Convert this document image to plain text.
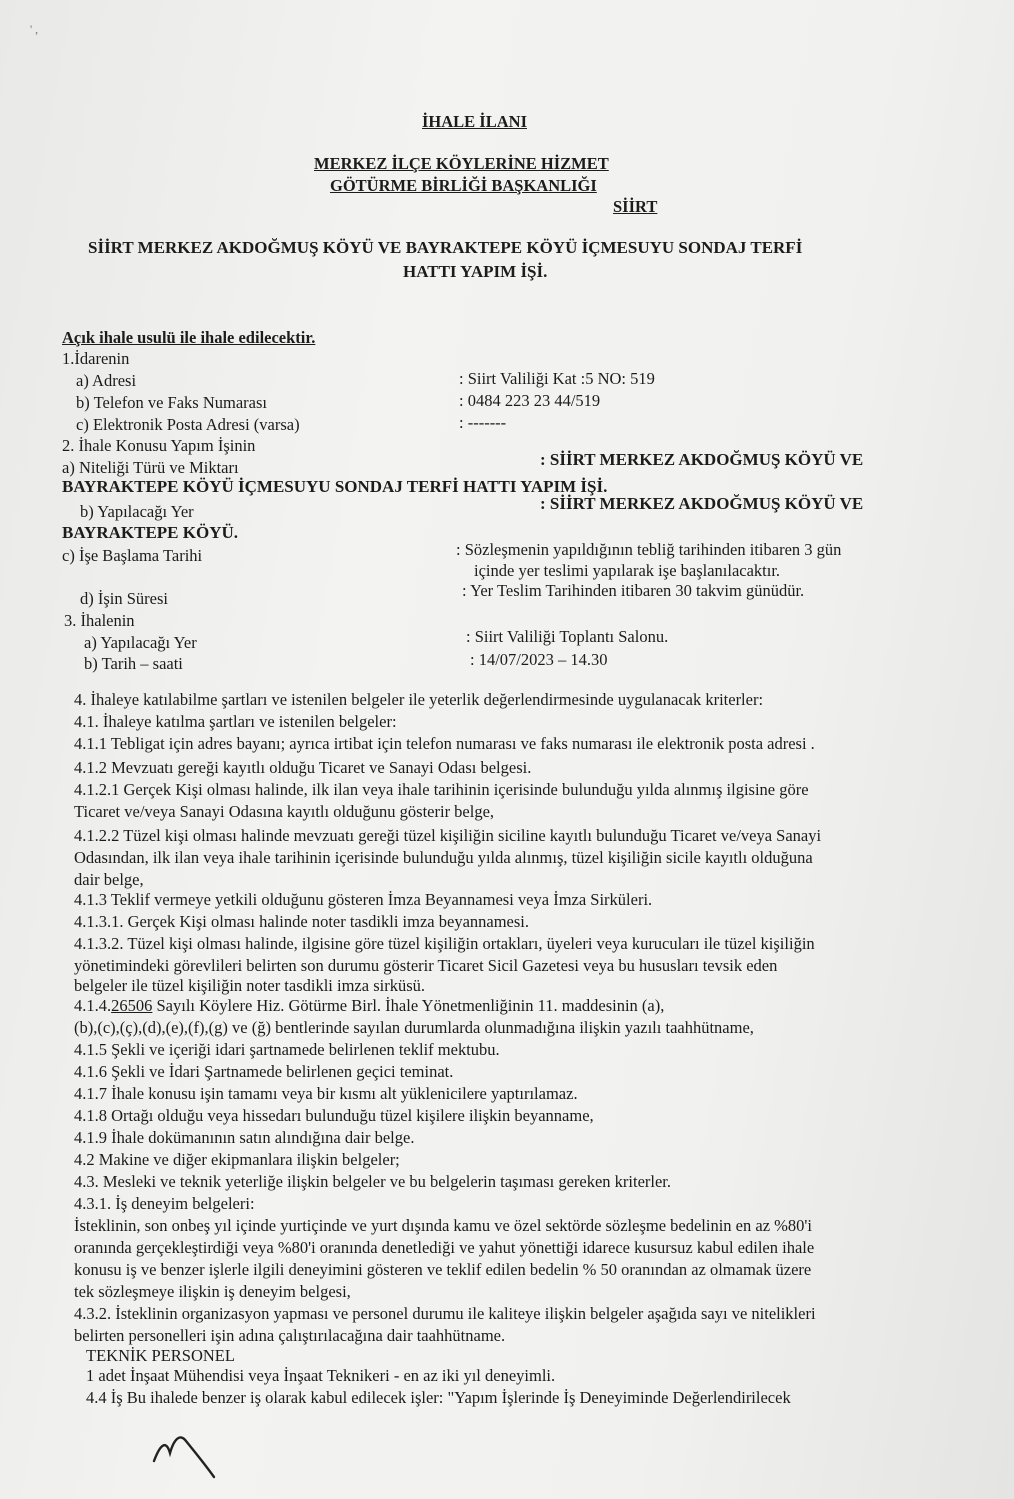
' ,
İHALE İLANI
MERKEZ İLÇE KÖYLERİNE HİZMET
GÖTÜRME BİRLİĞİ BAŞKANLIĞI
SİİRT
SİİRT MERKEZ AKDOĞMUŞ KÖYÜ VE BAYRAKTEPE KÖYÜ İÇMESUYU SONDAJ TERFİ
HATTI YAPIM İŞİ.
Açık ihale usulü ile ihale edilecektir.
1.İdarenin
a) Adresi	: Siirt Valiliği Kat :5 NO: 519
b) Telefon ve Faks Numarası	: 0484 223 23 44/519
c) Elektronik Posta Adresi (varsa)	: -------
2. İhale Konusu Yapım İşinin
a) Niteliği Türü ve Miktarı	: SİİRT MERKEZ AKDOĞMUŞ KÖYÜ VE
BAYRAKTEPE KÖYÜ İÇMESUYU SONDAJ TERFİ HATTI YAPIM İŞİ.
b) Yapılacağı Yer	: SİİRT MERKEZ AKDOĞMUŞ KÖYÜ VE
BAYRAKTEPE KÖYÜ.
c) İşe Başlama Tarihi	: Sözleşmenin yapıldığının tebliğ tarihinden itibaren 3 gün
içinde yer teslimi yapılarak işe başlanılacaktır.
d) İşin Süresi	: Yer Teslim Tarihinden itibaren 30 takvim günüdür.
3. İhalenin
a) Yapılacağı Yer	: Siirt Valiliği Toplantı Salonu.
b) Tarih – saati	: 14/07/2023 – 14.30
4. İhaleye katılabilme şartları ve istenilen belgeler ile yeterlik değerlendirmesinde uygulanacak kriterler:
4.1. İhaleye katılma şartları ve istenilen belgeler:
4.1.1 Tebligat için adres bayanı; ayrıca irtibat için telefon numarası ve faks numarası ile elektronik posta adresi .
4.1.2 Mevzuatı gereği kayıtlı olduğu Ticaret ve Sanayi Odası belgesi.
4.1.2.1 Gerçek Kişi olması halinde, ilk ilan veya ihale tarihinin içerisinde bulunduğu yılda alınmış ilgisine göre
Ticaret ve/veya Sanayi Odasına kayıtlı olduğunu gösterir belge,
4.1.2.2 Tüzel kişi olması halinde mevzuatı gereği tüzel kişiliğin siciline kayıtlı bulunduğu Ticaret ve/veya Sanayi
Odasından, ilk ilan veya ihale tarihinin içerisinde bulunduğu yılda alınmış, tüzel kişiliğin sicile kayıtlı olduğuna
dair belge,
4.1.3 Teklif vermeye yetkili olduğunu gösteren İmza Beyannamesi veya İmza Sirküleri.
4.1.3.1. Gerçek Kişi olması halinde noter tasdikli imza beyannamesi.
4.1.3.2. Tüzel kişi olması halinde, ilgisine göre tüzel kişiliğin ortakları, üyeleri veya kurucuları ile tüzel kişiliğin
yönetimindeki görevlileri belirten son durumu gösterir Ticaret Sicil Gazetesi veya bu hususları tevsik eden
belgeler ile tüzel kişiliğin noter tasdikli imza sirküsü.
4.1.4.26506 Sayılı Köylere Hiz. Götürme Birl. İhale Yönetmenliğinin 11. maddesinin (a),
(b),(c),(ç),(d),(e),(f),(g) ve (ğ) bentlerinde sayılan durumlarda olunmadığına ilişkin yazılı taahhütname,
4.1.5 Şekli ve içeriği idari şartnamede belirlenen teklif mektubu.
4.1.6 Şekli ve İdari Şartnamede belirlenen geçici teminat.
4.1.7 İhale konusu işin tamamı veya bir kısmı alt yüklenicilere yaptırılamaz.
4.1.8 Ortağı olduğu veya hissedarı bulunduğu tüzel kişilere ilişkin beyanname,
4.1.9 İhale dokümanının satın alındığına dair belge.
4.2 Makine ve diğer ekipmanlara ilişkin belgeler;
4.3. Mesleki ve teknik yeterliğe ilişkin belgeler ve bu belgelerin taşıması gereken kriterler.
4.3.1. İş deneyim belgeleri:
İsteklinin, son onbeş yıl içinde yurtiçinde ve yurt dışında kamu ve özel sektörde sözleşme bedelinin en az %80'i
oranında gerçekleştirdiği veya %80'i oranında denetlediği ve yahut yönettiği idarece kusursuz kabul edilen ihale
konusu iş ve benzer işlerle ilgili deneyimini gösteren ve teklif edilen bedelin % 50 oranından az olmamak üzere
tek sözleşmeye ilişkin iş deneyim belgesi,
4.3.2. İsteklinin organizasyon yapması ve personel durumu ile kaliteye ilişkin belgeler aşağıda sayı ve nitelikleri
belirten personelleri işin adına çalıştırılacağına dair taahhütname.
TEKNİK PERSONEL
1 adet İnşaat Mühendisi veya İnşaat Teknikeri - en az iki yıl deneyimli.
4.4 İş Bu ihalede benzer iş olarak kabul edilecek işler: "Yapım İşlerinde İş Deneyiminde Değerlendirilecek
